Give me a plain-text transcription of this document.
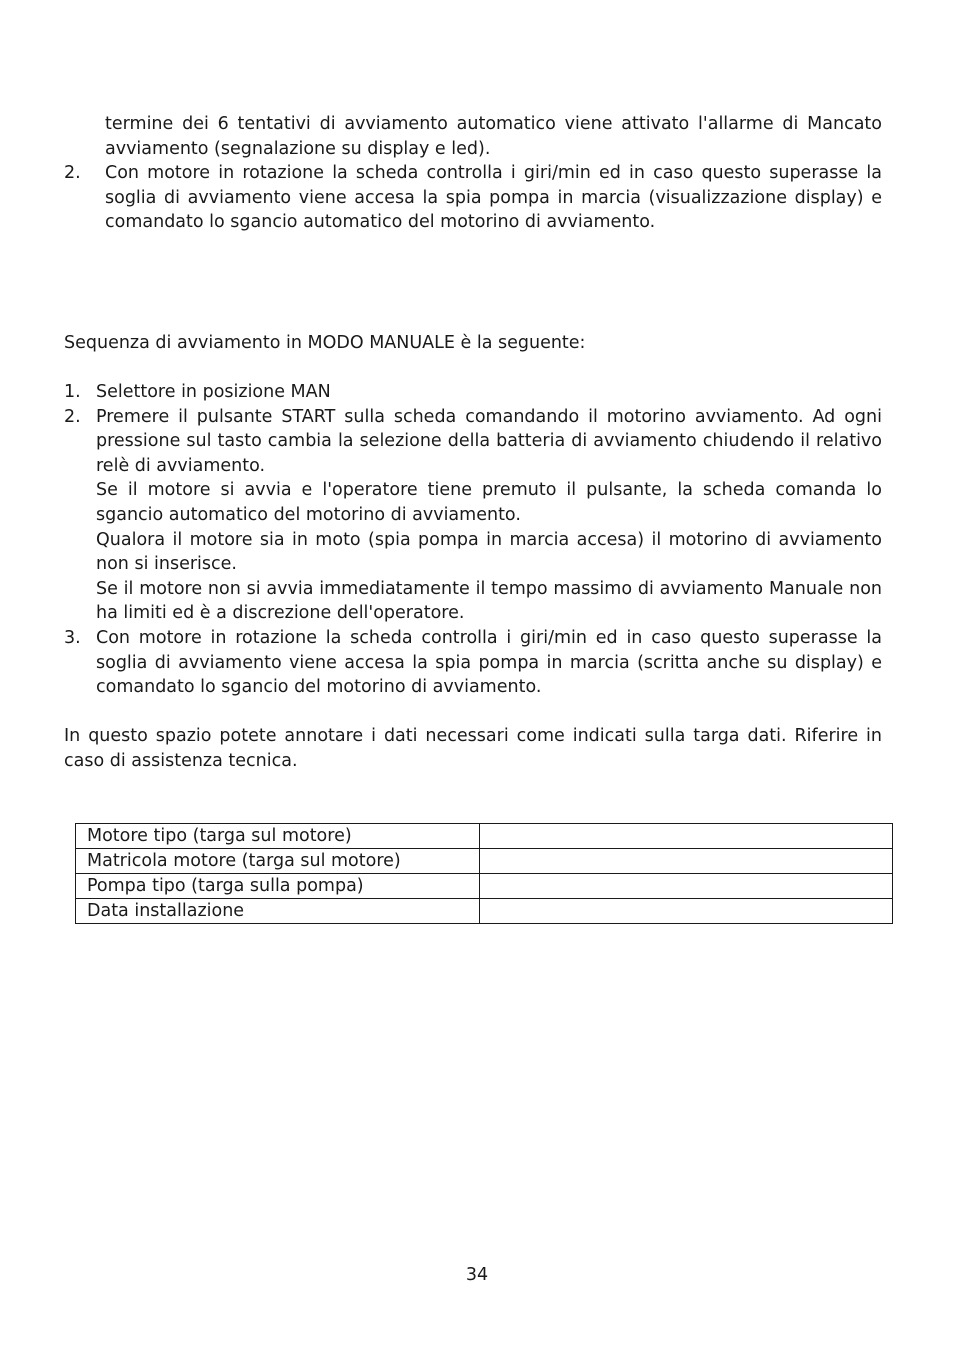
termine dei 6 tentativi di avviamento automatico viene attivato l'allarme di Mancato avviamento (segnalazione su display e led).
2. Con motore in rotazione la scheda controlla i giri/min ed in caso questo superasse la soglia di avviamento viene accesa la spia pompa in marcia (visualizzazione display) e comandato lo sgancio automatico del motorino di avviamento.
Sequenza di avviamento in MODO MANUALE è la seguente:
1. Selettore in posizione MAN
2. Premere il pulsante START sulla scheda comandando il motorino avviamento. Ad ogni pressione sul tasto cambia la selezione della batteria di avviamento chiudendo il relativo relè di avviamento.
Se il motore si avvia e l'operatore tiene premuto il pulsante, la scheda comanda lo sgancio automatico del motorino di avviamento.
Qualora il motore sia in moto (spia pompa in marcia accesa) il motorino di avviamento non si inserisce.
Se il motore non si avvia immediatamente il tempo massimo di avviamento Manuale non ha limiti ed è a discrezione dell'operatore.
3. Con motore in rotazione la scheda controlla i giri/min ed in caso questo superasse la soglia di avviamento viene accesa la spia pompa in marcia (scritta anche su display) e comandato lo sgancio del motorino di avviamento.
In questo spazio potete annotare i dati necessari come indicati sulla targa dati. Riferire in caso di assistenza tecnica.
Motore tipo (targa sul motore)	
Matricola motore (targa sul motore)	
Pompa tipo (targa sulla pompa)	
Data installazione	
34
